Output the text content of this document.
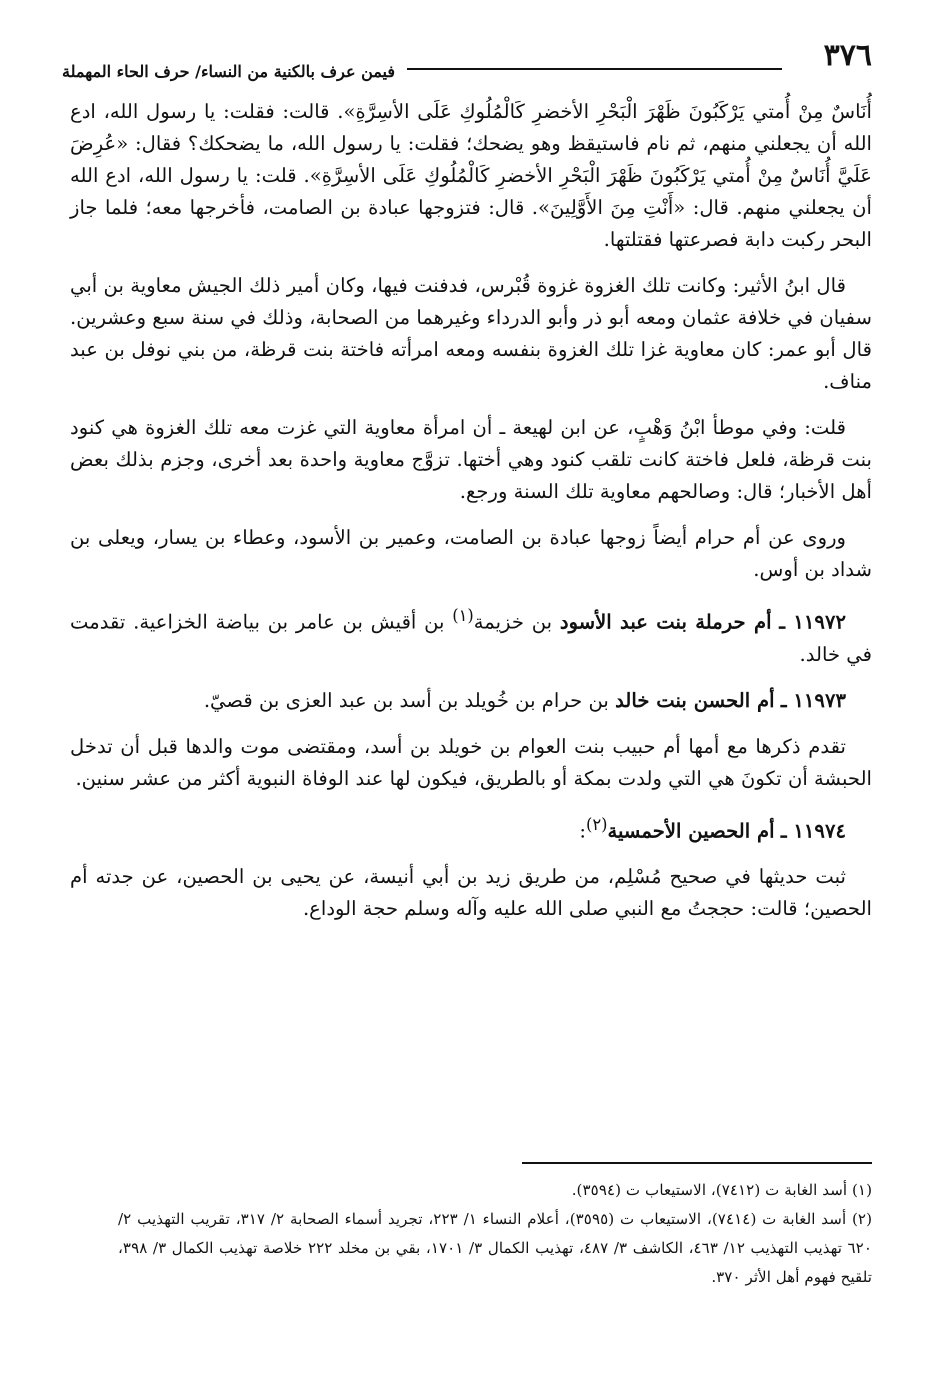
٣٧٦
فيمن عرف بالكنية من النساء/ حرف الحاء المهملة

أُنَاسٌ مِنْ أُمتي يَرْكَبُونَ ظَهْرَ الْبَحْرِ الأخضرِ كَالْمُلُوكِ عَلَى الأسِرَّةِ». قالت: فقلت: يا رسول الله، ادع الله أن يجعلني منهم، ثم نام فاستيقظ وهو يضحك؛ فقلت: يا رسول الله، ما يضحكك؟ فقال: «عُرِضَ عَلَيَّ أُنَاسٌ مِنْ أُمتي يَرْكَبُونَ ظَهْرَ الْبَحْرِ الأخضرِ كَالْمُلُوكِ عَلَى الأسِرَّةِ». قلت: يا رسول الله، ادع الله أن يجعلني منهم. قال: «أَنْتِ مِنَ الأَوَّلِينَ». قال: فتزوجها عبادة بن الصامت، فأخرجها معه؛ فلما جاز البحر ركبت دابة فصرعتها فقتلتها.

قال ابنُ الأثير: وكانت تلك الغزوة غزوة قُبْرس، فدفنت فيها، وكان أمير ذلك الجيش معاوية بن أبي سفيان في خلافة عثمان ومعه أبو ذر وأبو الدرداء وغيرهما من الصحابة، وذلك في سنة سبع وعشرين. قال أبو عمر: كان معاوية غزا تلك الغزوة بنفسه ومعه امرأته فاختة بنت قرظة، من بني نوفل بن عبد مناف.

قلت: وفي موطأ ابْنُ وَهْبٍ، عن ابن لهيعة ـ أن امرأة معاوية التي غزت معه تلك الغزوة هي كنود بنت قرظة، فلعل فاختة كانت تلقب كنود وهي أختها. تزوَّج معاوية واحدة بعد أخرى، وجزم بذلك بعض أهل الأخبار؛ قال: وصالحهم معاوية تلك السنة ورجع.

وروى عن أم حرام أيضاً زوجها عبادة بن الصامت، وعمير بن الأسود، وعطاء بن يسار، ويعلى بن شداد بن أوس.

١١٩٧٢ ـ أم حرملة بنت عبد الأسود بن خزيمة$^{(١)}$ بن أقيش بن عامر بن بياضة الخزاعية. تقدمت في خالد.

١١٩٧٣ ـ أم الحسن بنت خالد بن حرام بن خُويلد بن أسد بن عبد العزى بن قصيّ.

تقدم ذكرها مع أمها أم حبيب بنت العوام بن خويلد بن أسد، ومقتضى موت والدها قبل أن تدخل الحبشة أن تكونَ هي التي ولدت بمكة أو بالطريق، فيكون لها عند الوفاة النبوية أكثر من عشر سنين.

١١٩٧٤ ـ أم الحصين الأحمسية$^{(٢)}$:

ثبت حديثها في صحيح مُسْلِم، من طريق زيد بن أبي أنيسة، عن يحيى بن الحصين، عن جدته أم الحصين؛ قالت: حججتُ مع النبي صلى الله عليه وآله وسلم حجة الوداع.

(١) أسد الغابة ت (٧٤١٢)، الاستيعاب ت (٣٥٩٤).

(٢) أسد الغابة ت (٧٤١٤)، الاستيعاب ت (٣٥٩٥)، أعلام النساء ١/ ٢٢٣، تجريد أسماء الصحابة ٢/ ٣١٧، تقريب التهذيب ٢/ ٦٢٠ تهذيب التهذيب ١٢/ ٤٦٣، الكاشف ٣/ ٤٨٧، تهذيب الكمال ٣/ ١٧٠١، بقي بن مخلد ٢٢٢ خلاصة تهذيب الكمال ٣/ ٣٩٨، تلقيح فهوم أهل الأثر ٣٧٠.
